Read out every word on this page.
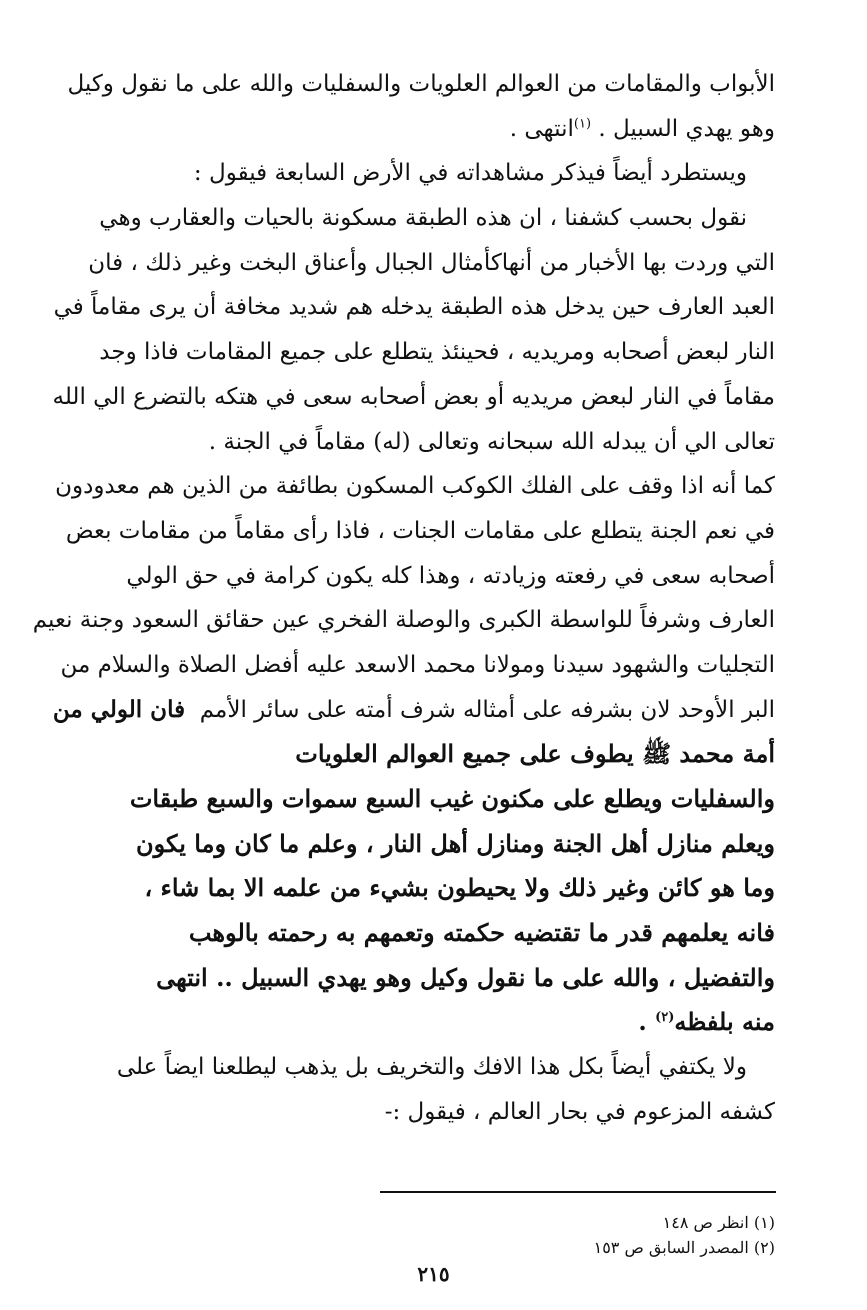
الأبواب والمقامات من العوالم العلويات والسفليات والله على ما نقول وكيل
وهو يهدي السبيل . $^{(١)}$انتهى .
ويستطرد أيضاً فيذكر مشاهداته في الأرض السابعة فيقول :
نقول بحسب كشفنا ، ان هذه الطبقة مسكونة بالحيات والعقارب وهي
التي وردت بها الأخبار من أنهاكأمثال الجبال وأعناق البخت وغير ذلك ، فان
العبد العارف حين يدخل هذه الطبقة يدخله هم شديد مخافة أن يرى مقاماً في
النار لبعض أصحابه ومريديه ، فحينئذ يتطلع على جميع المقامات فاذا وجد
مقاماً في النار لبعض مريديه أو بعض أصحابه سعى في هتكه بالتضرع الي الله
تعالى الي أن يبدله الله سبحانه وتعالى (له) مقاماً في الجنة .
كما أنه اذا وقف على الفلك الكوكب المسكون بطائفة من الذين هم معدودون
في نعم الجنة يتطلع على مقامات الجنات ، فاذا رأى مقاماً من مقامات بعض
أصحابه سعى في رفعته وزيادته ، وهذا كله يكون كرامة في حق الولي
العارف وشرفاً للواسطة الكبرى والوصلة الفخري عين حقائق السعود وجنة نعيم
التجليات والشهود سيدنا ومولانا محمد الاسعد عليه أفضل الصلاة والسلام من
البر الأوحد لان بشرفه على أمثاله شرف أمته على سائر الأمم  فان الولي من
أمة محمد ﷺ يطوف على جميع العوالم العلويات
والسفليات ويطلع على مكنون غيب السبع سموات والسبع طبقات
ويعلم منازل أهل الجنة ومنازل أهل النار ، وعلم ما كان وما يكون
وما هو كائن وغير ذلك ولا يحيطون بشيء من علمه الا بما شاء ،
فانه يعلمهم قدر ما تقتضيه حكمته وتعمهم به رحمته بالوهب
والتفضيل ، والله على ما نقول وكيل وهو يهدي السبيل .. انتهى
منه بلفظه$^{(٢)}$ .
ولا يكتفي أيضاً بكل هذا الافك والتخريف بل يذهب ليطلعنا ايضاً على
كشفه المزعوم في بحار العالم ، فيقول :-
(١) انظر ص ١٤٨
(٢) المصدر السابق ص ١٥٣
٢١٥
